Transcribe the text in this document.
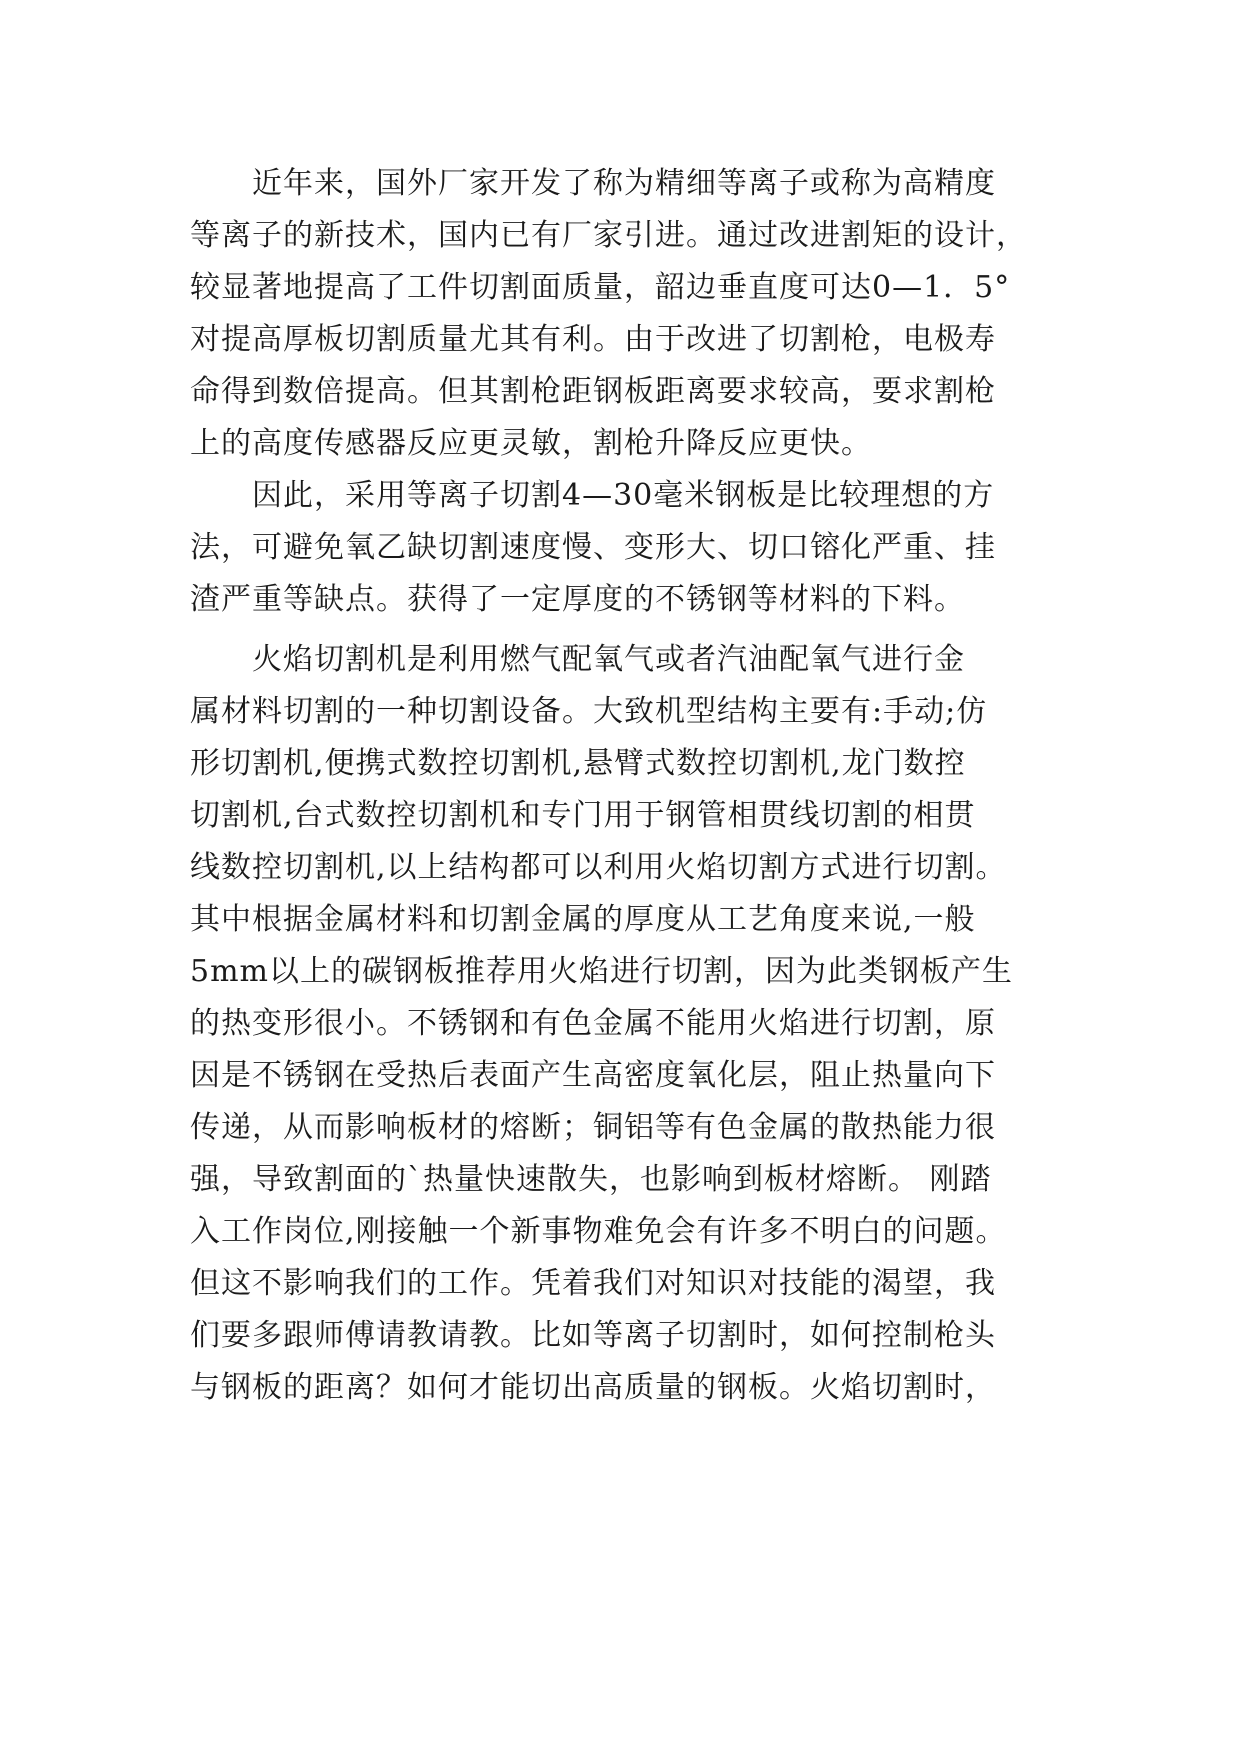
近年来，国外厂家开发了称为精细等离子或称为高精度
等离子的新技术，国内已有厂家引进。通过改进割矩的设计，
较显著地提高了工件切割面质量，韶边垂直度可达0—1．5°
对提高厚板切割质量尤其有利。由于改进了切割枪，电极寿
命得到数倍提高。但其割枪距钢板距离要求较高，要求割枪
上的高度传感器反应更灵敏，割枪升降反应更快。
因此，采用等离子切割4—30毫米钢板是比较理想的方
法，可避免氧乙缺切割速度慢、变形大、切口镕化严重、挂
渣严重等缺点。获得了一定厚度的不锈钢等材料的下料。
火焰切割机是利用燃气配氧气或者汽油配氧气进行金
属材料切割的一种切割设备。大致机型结构主要有:手动;仿
形切割机,便携式数控切割机,悬臂式数控切割机,龙门数控
切割机,台式数控切割机和专门用于钢管相贯线切割的相贯
线数控切割机,以上结构都可以利用火焰切割方式进行切割。
其中根据金属材料和切割金属的厚度从工艺角度来说,一般
5mm以上的碳钢板推荐用火焰进行切割，因为此类钢板产生
的热变形很小。不锈钢和有色金属不能用火焰进行切割，原
因是不锈钢在受热后表面产生高密度氧化层，阻止热量向下
传递，从而影响板材的熔断；铜铝等有色金属的散热能力很
强，导致割面的`热量快速散失，也影响到板材熔断。 刚踏
入工作岗位,刚接触一个新事物难免会有许多不明白的问题。
但这不影响我们的工作。凭着我们对知识对技能的渴望，我
们要多跟师傅请教请教。比如等离子切割时，如何控制枪头
与钢板的距离？如何才能切出高质量的钢板。火焰切割时，
